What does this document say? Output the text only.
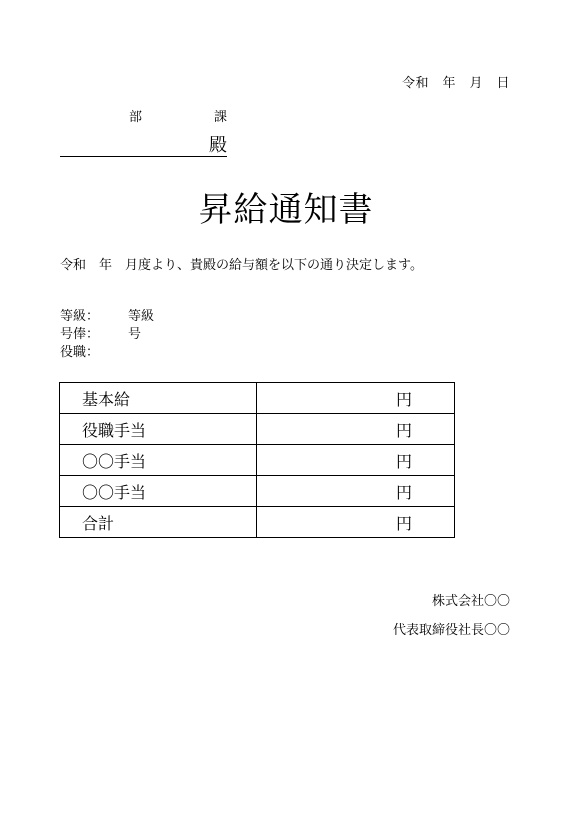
令和　年　月　日
部	課
殿
昇給通知書
令和　年　月度より、貴殿の給与額を以下の通り決定します。
等級： 等級
号俸： 号
役職：
基本給	円
役職手当	円
〇〇手当	円
〇〇手当	円
合計	円
株式会社〇〇
代表取締役社長〇〇
